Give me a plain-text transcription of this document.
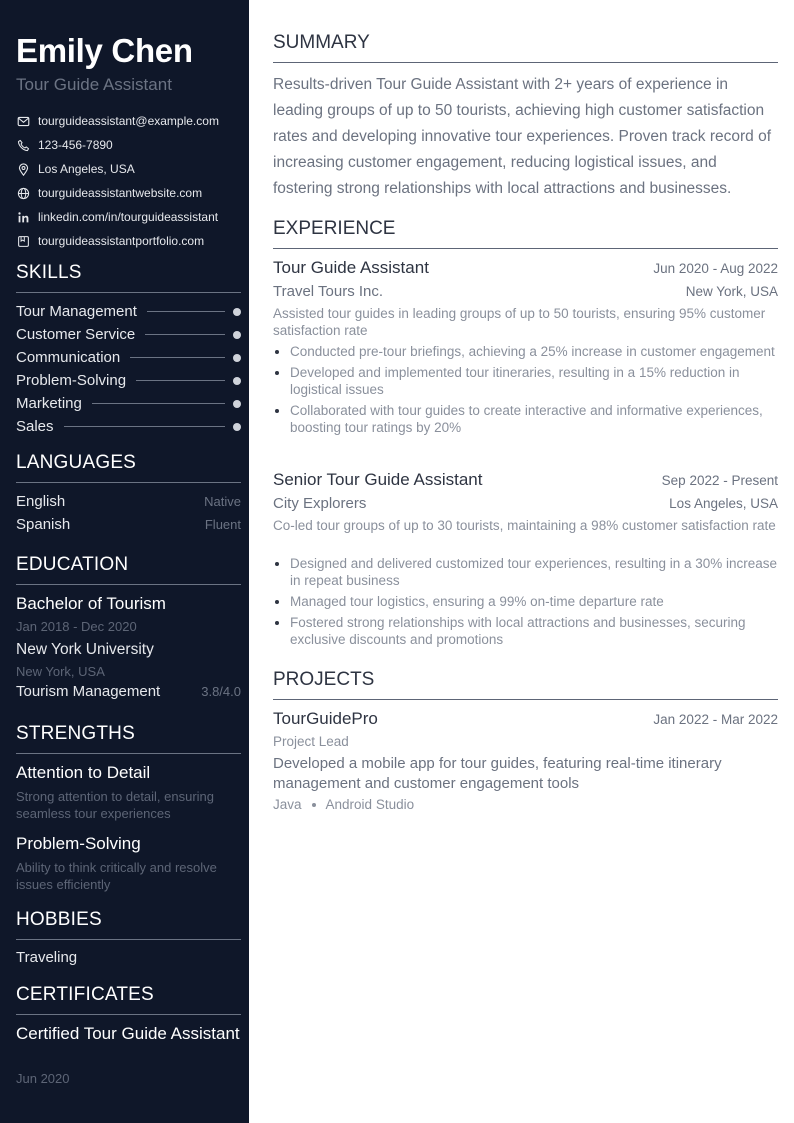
Emily Chen
Tour Guide Assistant
tourguideassistant@example.com
123-456-7890
Los Angeles, USA
tourguideassistantwebsite.com
linkedin.com/in/tourguideassistant
tourguideassistantportfolio.com
SKILLS
Tour Management
Customer Service
Communication
Problem-Solving
Marketing
Sales
LANGUAGES
English	Native
Spanish	Fluent
EDUCATION
Bachelor of Tourism
Jan 2018 - Dec 2020
New York University
New York, USA
Tourism Management	3.8/4.0
STRENGTHS
Attention to Detail
Strong attention to detail, ensuring seamless tour experiences
Problem-Solving
Ability to think critically and resolve issues efficiently
HOBBIES
Traveling
CERTIFICATES
Certified Tour Guide Assistant
Jun 2020
SUMMARY

Results-driven Tour Guide Assistant with 2+ years of experience in leading groups of up to 50 tourists, achieving high customer satisfaction rates and developing innovative tour experiences. Proven track record of increasing customer engagement, reducing logistical issues, and fostering strong relationships with local attractions and businesses.

EXPERIENCE
Tour Guide Assistant	Jun 2020 - Aug 2022
Travel Tours Inc.	New York, USA

Assisted tour guides in leading groups of up to 50 tourists, ensuring 95% customer satisfaction rate

Conducted pre-tour briefings, achieving a 25% increase in customer engagement
Developed and implemented tour itineraries, resulting in a 15% reduction in logistical issues
Collaborated with tour guides to create interactive and informative experiences, boosting tour ratings by 20%
Senior Tour Guide Assistant	Sep 2022 - Present
City Explorers	Los Angeles, USA

Co-led tour groups of up to 30 tourists, maintaining a 98% customer satisfaction rate

Designed and delivered customized tour experiences, resulting in a 30% increase in repeat business
Managed tour logistics, ensuring a 99% on-time departure rate
Fostered strong relationships with local attractions and businesses, securing exclusive discounts and promotions
PROJECTS
TourGuidePro	Jan 2022 - Mar 2022
Project Lead

Developed a mobile app for tour guides, featuring real-time itinerary management and customer engagement tools

Java Android Studio
